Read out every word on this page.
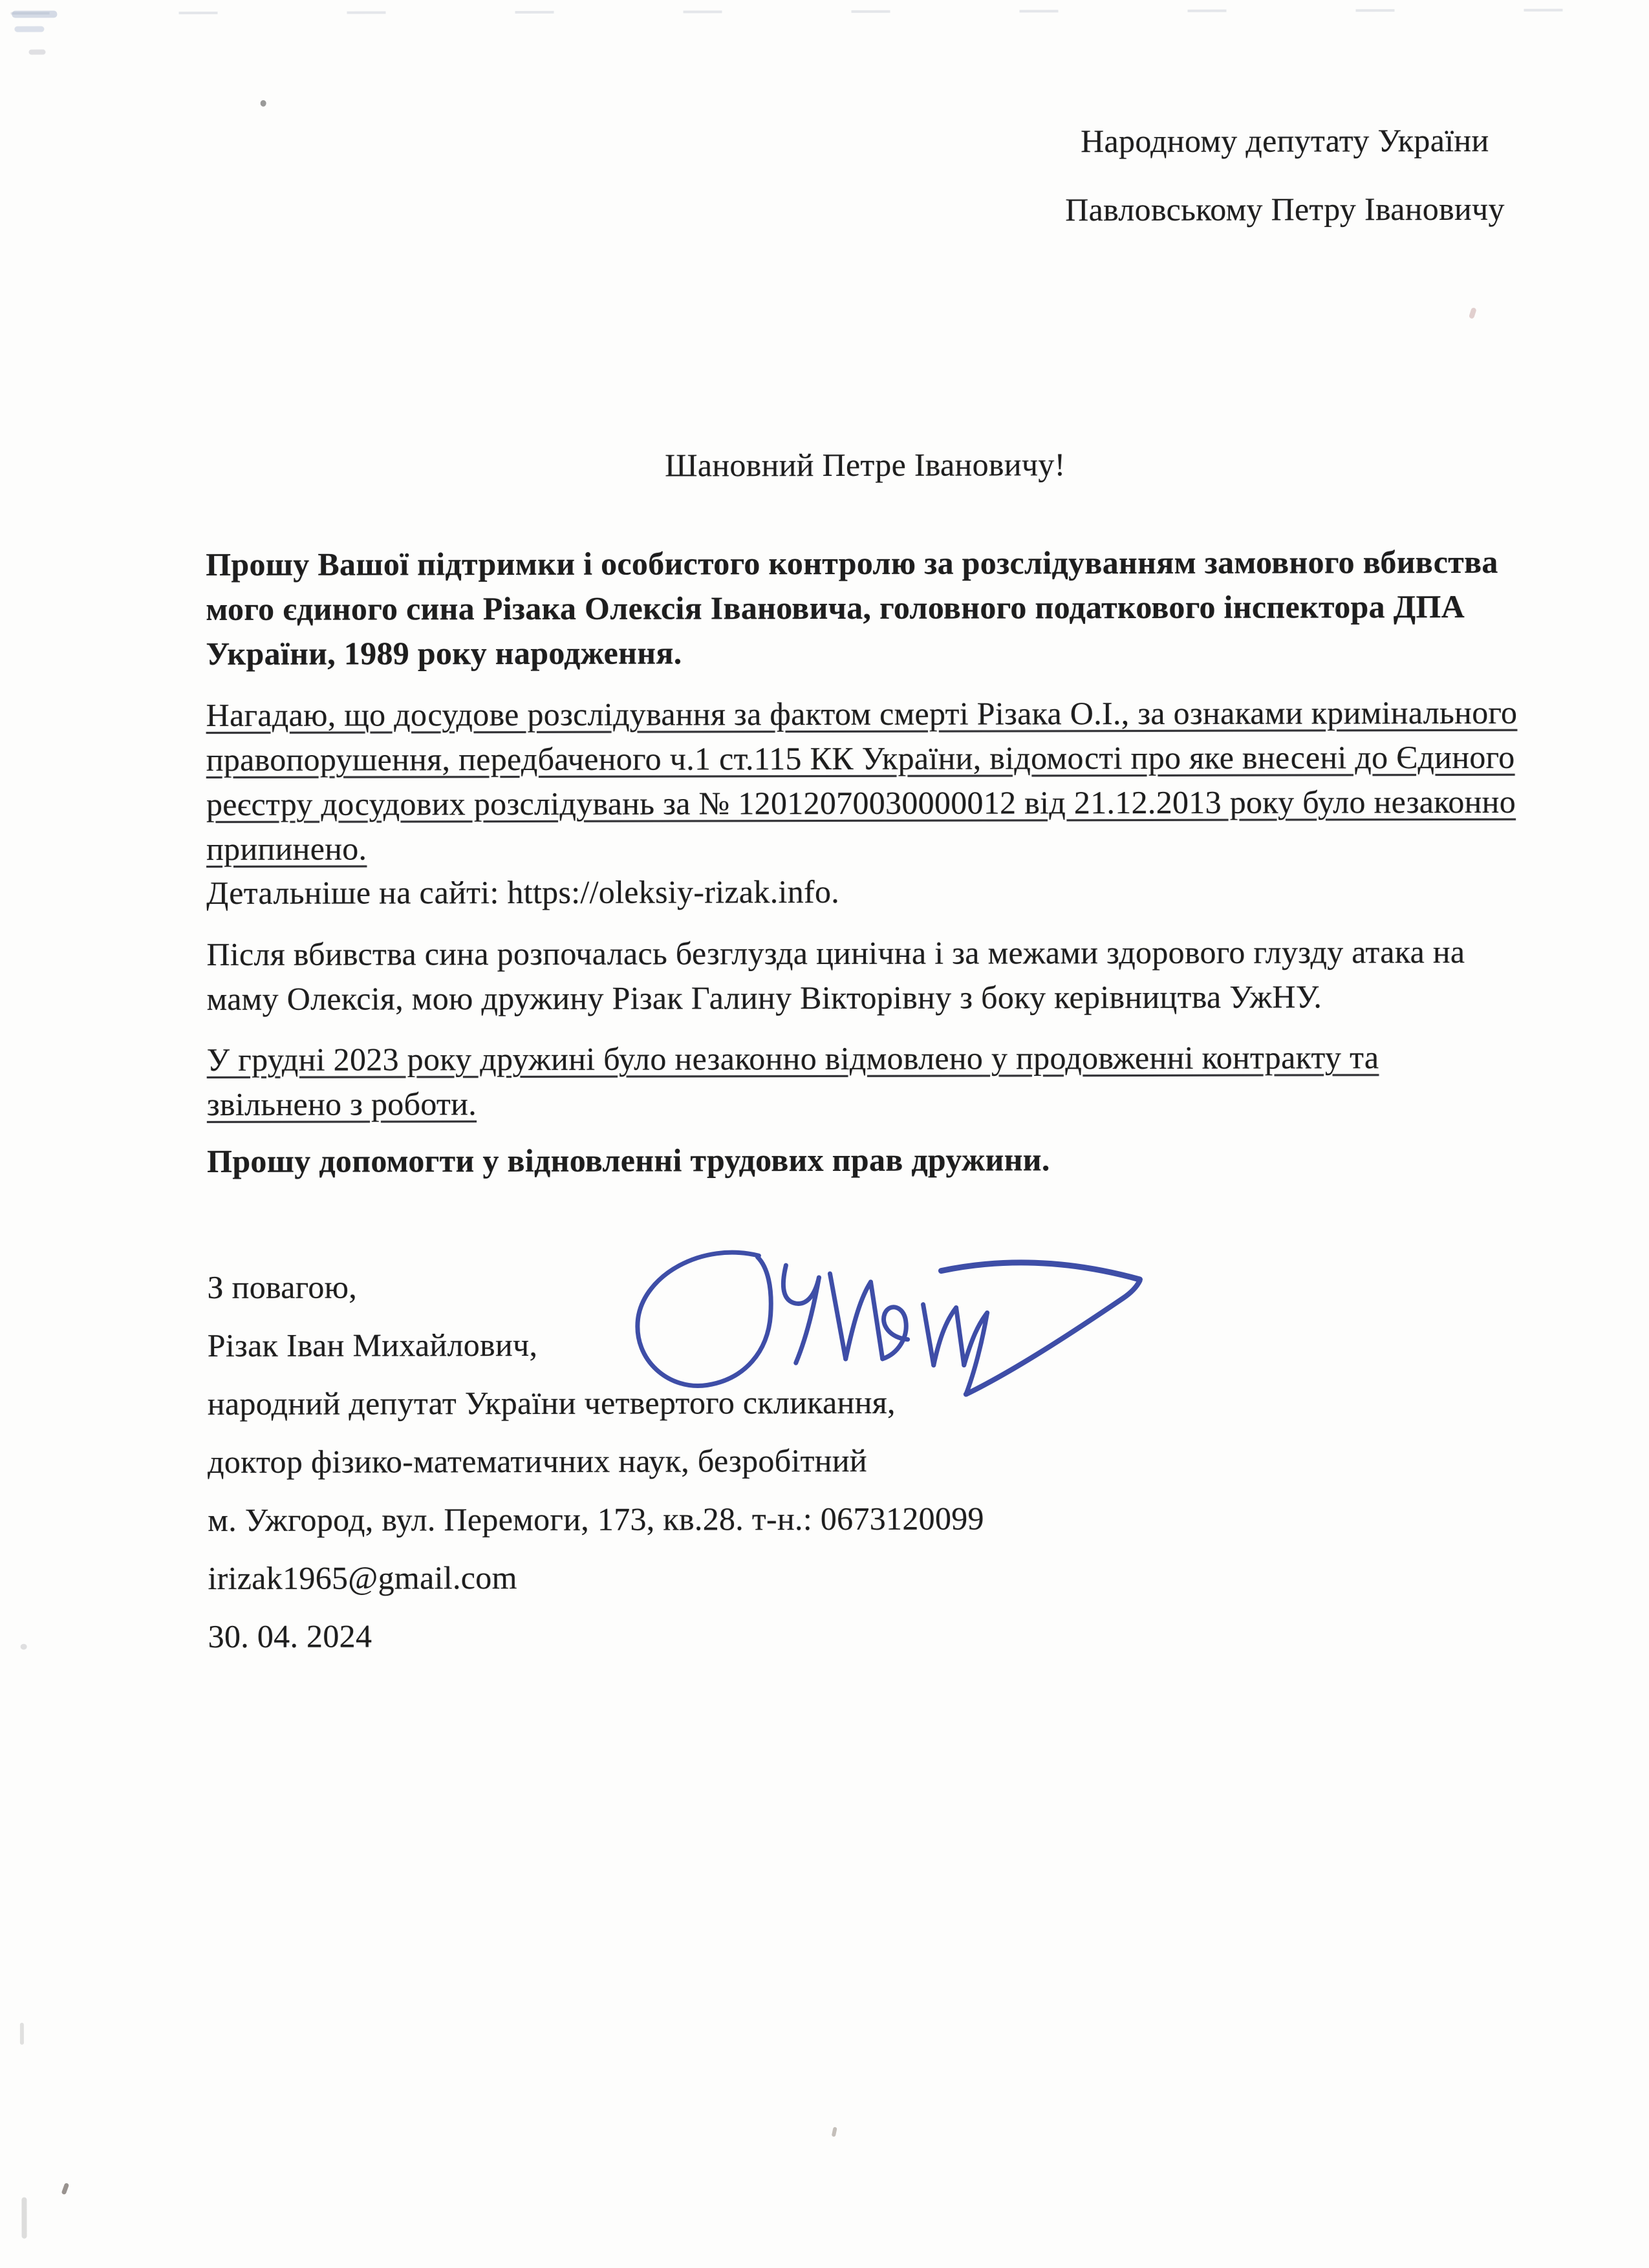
Народному депутату України
Павловському Петру Івановичу
Шановний Петре Івановичу!
Прошу Вашої підтримки і особистого контролю за розслідуванням замовного вбивства
мого єдиного сина Різака Олексія Івановича, головного податкового інспектора ДПА
України, 1989 року народження.
Нагадаю, що досудове розслідування за фактом смерті Різака О.І., за ознаками кримінального
правопорушення, передбаченого ч.1 ст.115 КК України, відомості про яке внесені до Єдиного
реєстру досудових розслідувань за № 12012070030000012 від 21.12.2013 року було незаконно
припинено.
Детальніше на сайті: https://oleksiy-rizak.info.
Після вбивства сина розпочалась безглузда цинічна і за межами здорового глузду атака на
маму Олексія, мою дружину Різак Галину Вікторівну з боку керівництва УжНУ.
У грудні 2023 року дружині було незаконно відмовлено у продовженні контракту та
звільнено з роботи.
Прошу допомогти у відновленні трудових прав дружини.
З повагою,
Різак Іван Михайлович,
народний депутат України четвертого скликання,
доктор фізико-математичних наук, безробітний
м. Ужгород, вул. Перемоги, 173, кв.28. т-н.: 0673120099
irizak1965@gmail.com
30. 04. 2024
